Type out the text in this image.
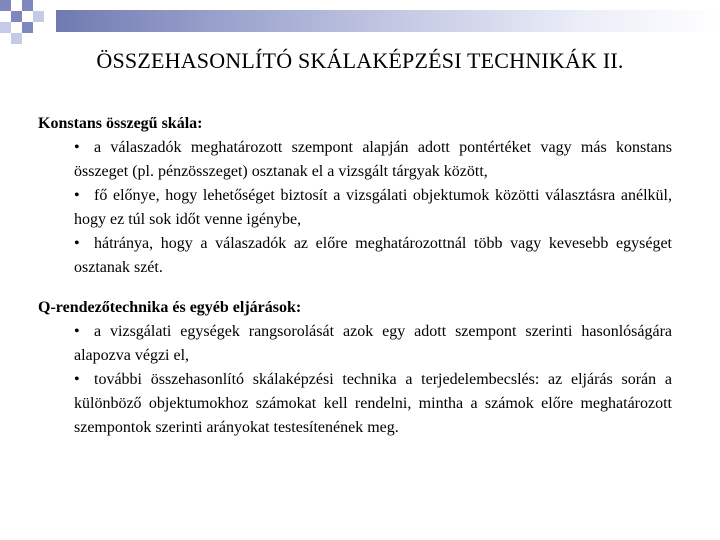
ÖSSZEHASONLÍTÓ SKÁLAKÉPZÉSI TECHNIKÁK II.

Konstans összegű skála:

• a válaszadók meghatározott szempont alapján adott pontértéket vagy más konstans összeget (pl. pénzösszeget) osztanak el a vizsgált tárgyak között,
• fő előnye, hogy lehetőséget biztosít a vizsgálati objektumok közötti választásra anélkül, hogy ez túl sok időt venne igénybe,
• hátránya, hogy a válaszadók az előre meghatározottnál több vagy kevesebb egységet osztanak szét.

Q-rendezőtechnika és egyéb eljárások:

• a vizsgálati egységek rangsorolását azok egy adott szempont szerinti hasonlóságára alapozva végzi el,
• további összehasonlító skálaképzési technika a terjedelembecslés: az eljárás során a különböző objektumokhoz számokat kell rendelni, mintha a számok előre meghatározott szempontok szerinti arányokat testesítenének meg.
